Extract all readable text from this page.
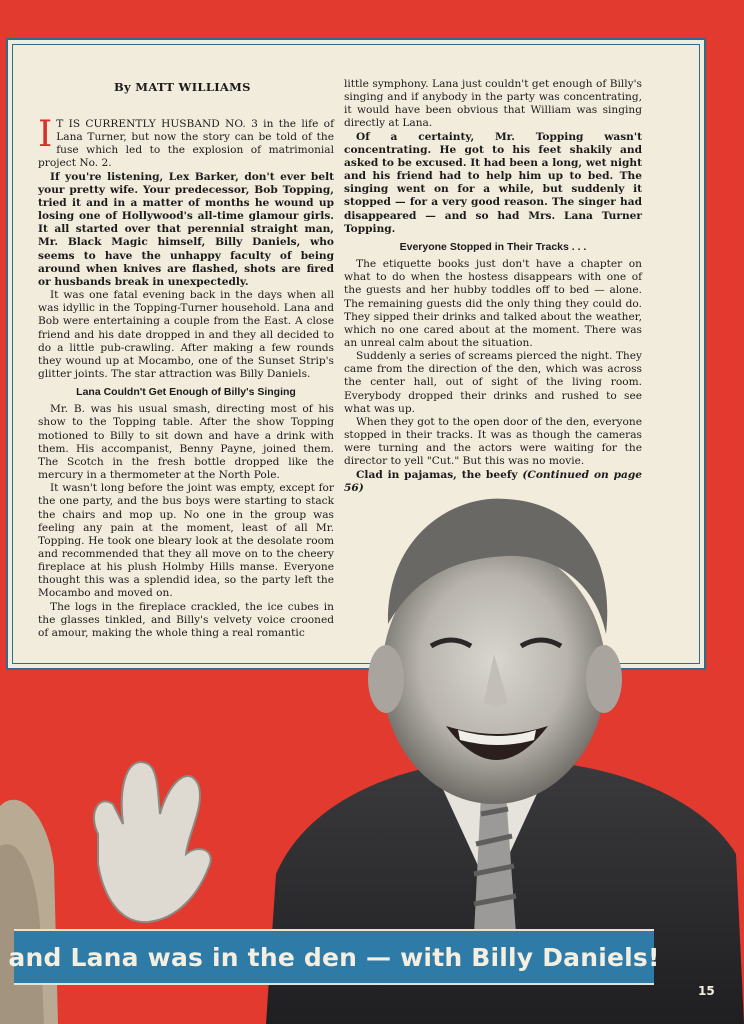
By MATT WILLIAMS

I T IS CURRENTLY HUSBAND NO. 3 in the life of Lana Turner, but now the story can be told of the fuse which led to the explosion of matrimonial project No. 2.

If you're listening, Lex Barker, don't ever belt your pretty wife. Your predecessor, Bob Topping, tried it and in a matter of months he wound up losing one of Hollywood's all-time glamour girls. It all started over that perennial straight man, Mr. Black Magic himself, Billy Daniels, who seems to have the unhappy faculty of being around when knives are flashed, shots are fired or husbands break in unexpectedly.

It was one fatal evening back in the days when all was idyllic in the Topping-Turner household. Lana and Bob were entertaining a couple from the East. A close friend and his date dropped in and they all decided to do a little pub-crawling. After making a few rounds they wound up at Mocambo, one of the Sunset Strip's glitter joints. The star attraction was Billy Daniels.

Lana Couldn't Get Enough of Billy's Singing

Mr. B. was his usual smash, directing most of his show to the Topping table. After the show Topping motioned to Billy to sit down and have a drink with them. His accompanist, Benny Payne, joined them. The Scotch in the fresh bottle dropped like the mercury in a thermometer at the North Pole.

It wasn't long before the joint was empty, except for the one party, and the bus boys were starting to stack the chairs and mop up. No one in the group was feeling any pain at the moment, least of all Mr. Topping. He took one bleary look at the desolate room and recommended that they all move on to the cheery fireplace at his plush Holmby Hills manse. Everyone thought this was a splendid idea, so the party left the Mocambo and moved on.

The logs in the fireplace crackled, the ice cubes in the glasses tinkled, and Billy's velvety voice crooned of amour, making the whole thing a real romantic

little symphony. Lana just couldn't get enough of Billy's singing and if anybody in the party was concentrating, it would have been obvious that William was singing directly at Lana.

Of a certainty, Mr. Topping wasn't concentrating. He got to his feet shakily and asked to be excused. It had been a long, wet night and his friend had to help him up to bed. The singing went on for a while, but suddenly it stopped — for a very good reason. The singer had disappeared — and so had Mrs. Lana Turner Topping.

Everyone Stopped in Their Tracks . . .

The etiquette books just don't have a chapter on what to do when the hostess disappears with one of the guests and her hubby toddles off to bed — alone. The remaining guests did the only thing they could do. They sipped their drinks and talked about the weather, which no one cared about at the moment. There was an unreal calm about the situation.

Suddenly a series of screams pierced the night. They came from the direction of the den, which was across the center hall, out of sight of the living room. Everybody dropped their drinks and rushed to see what was up.

When they got to the open door of the den, everyone stopped in their tracks. It was as though the cameras were turning and the actors were waiting for the director to yell "Cut." But this was no movie.

Clad in pajamas, the beefy (Continued on page 56)

and Lana was in the den — with Billy Daniels!
15
